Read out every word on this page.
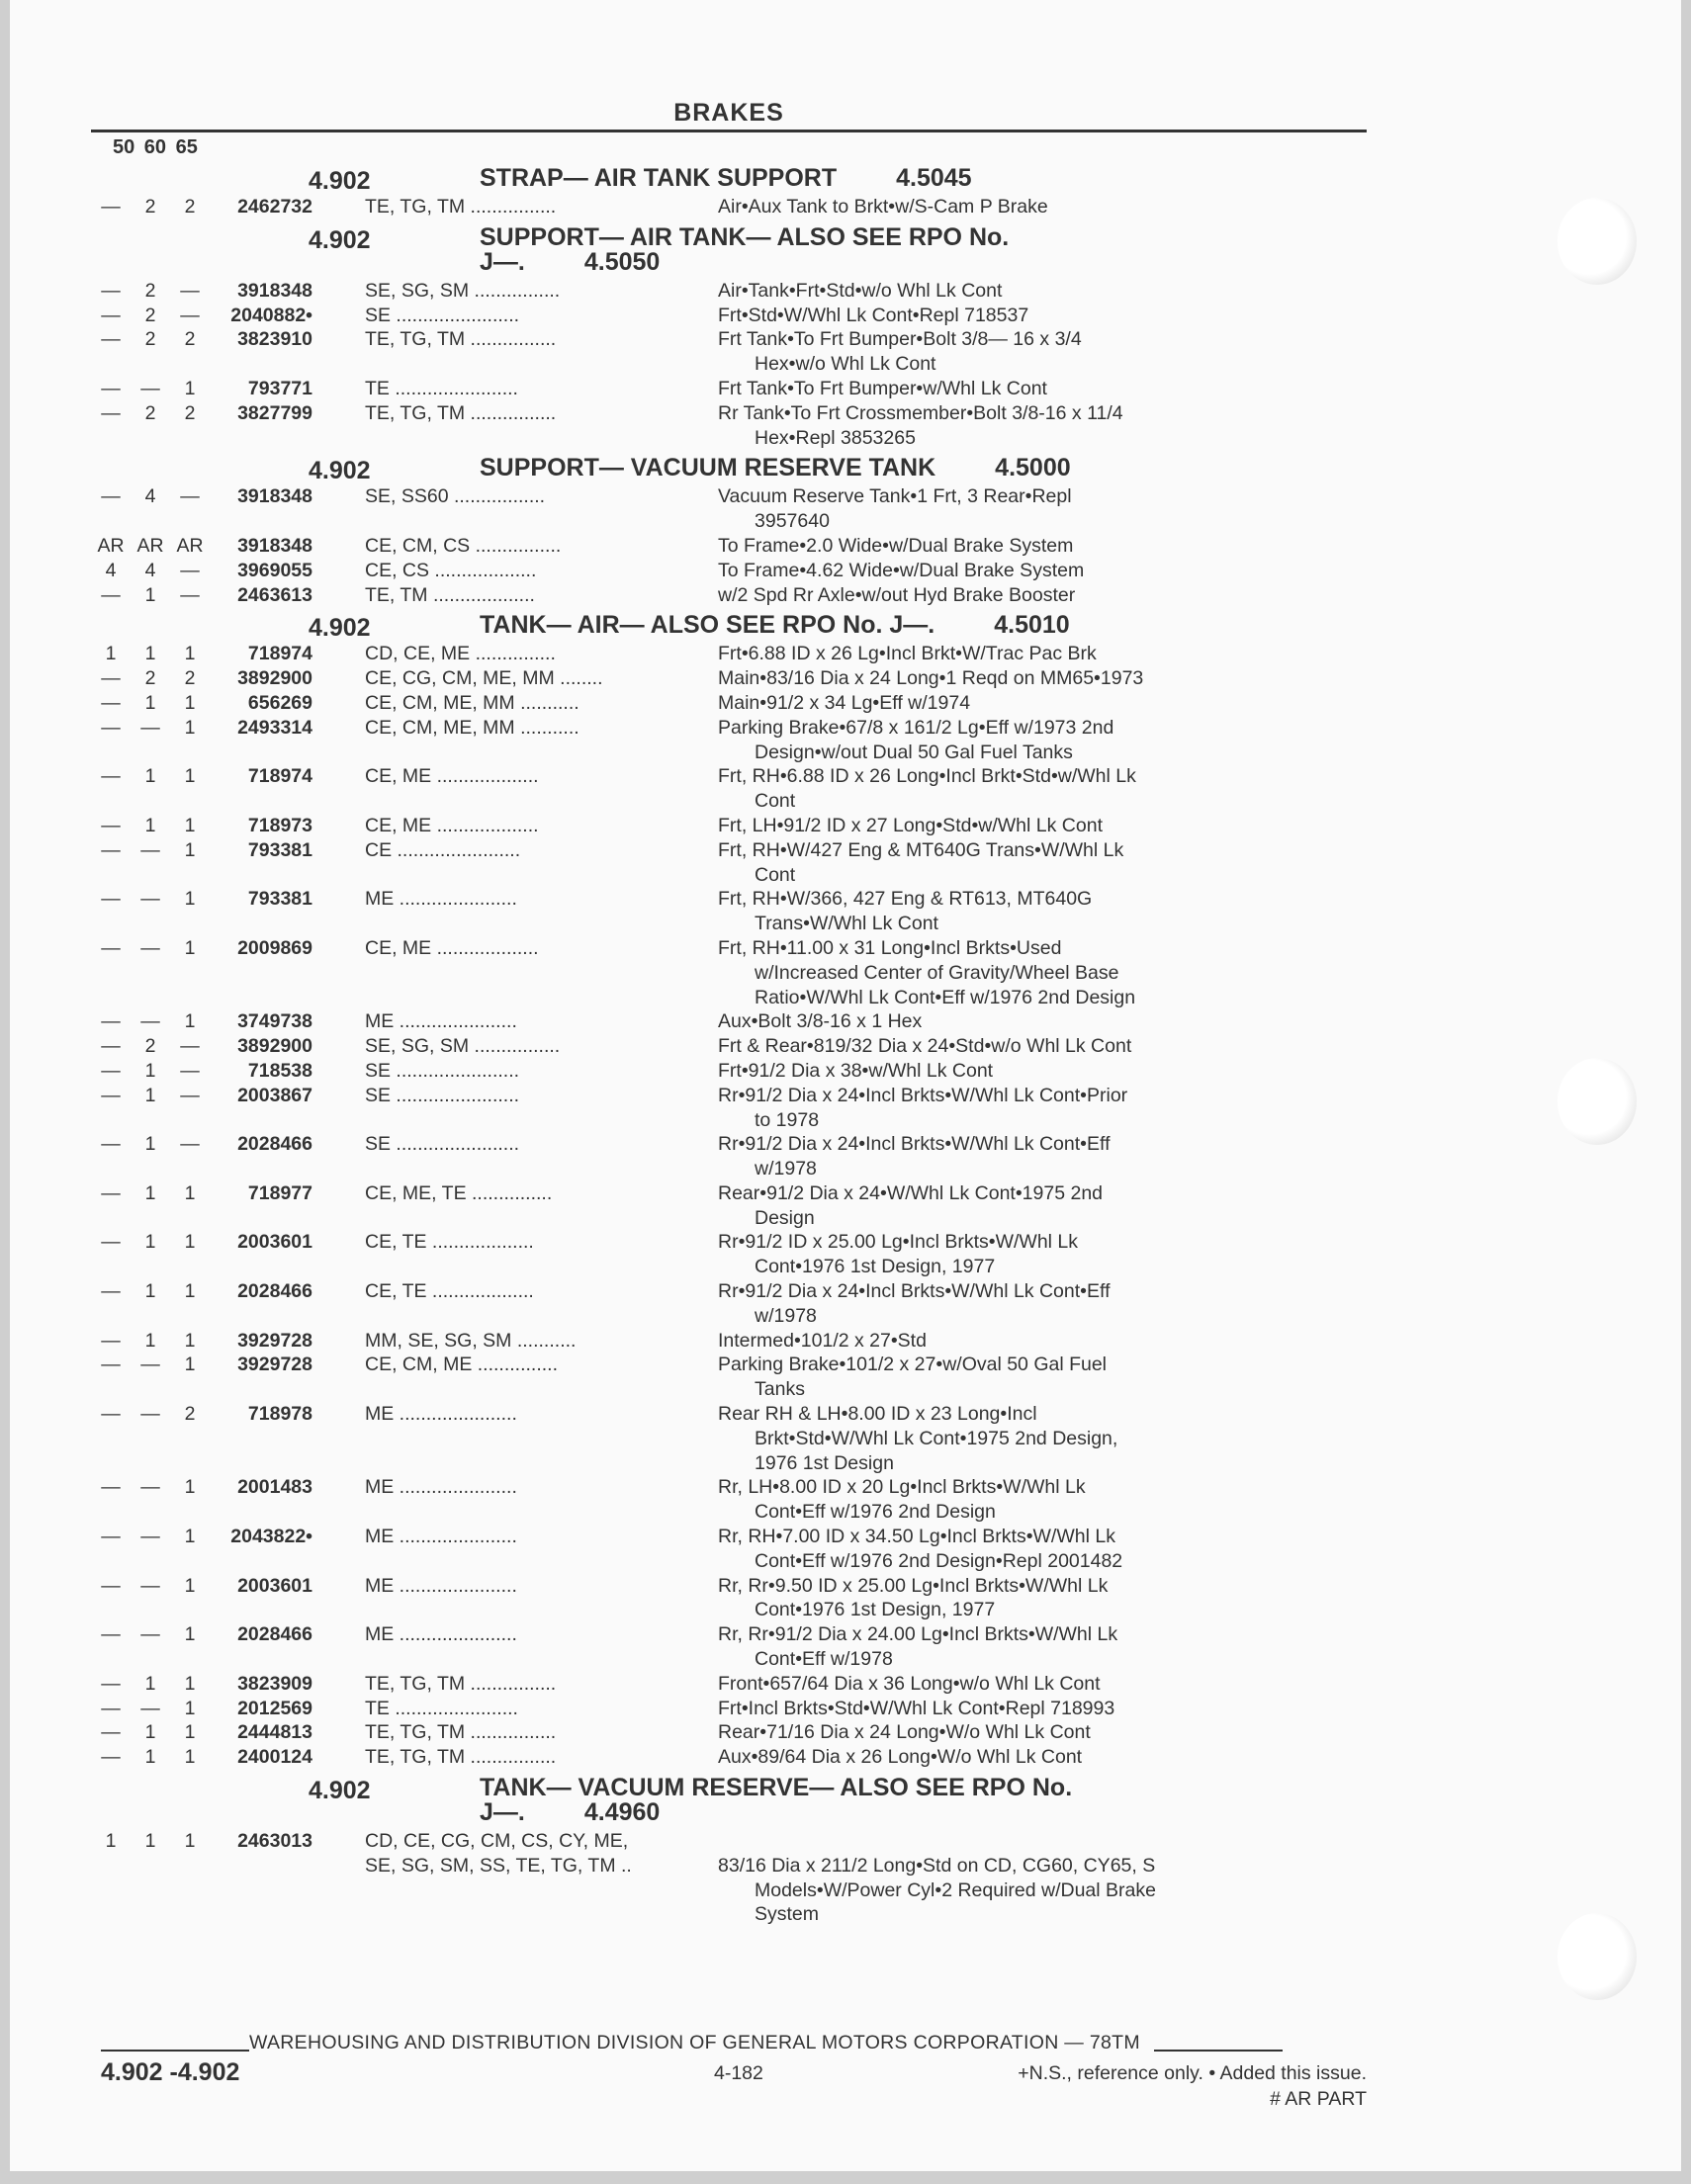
BRAKES
50 60 65
4.902	STRAP— AIR TANK SUPPORT 4.5045
—	2	2	2462732	TE, TG, TM ................	Air•Aux Tank to Brkt•w/S-Cam P Brake
4.902	SUPPORT— AIR TANK— ALSO SEE RPO No.
J—. 4.5050
—	2	—	3918348	SE, SG, SM ................	Air•Tank•Frt•Std•w/o Whl Lk Cont
—	2	—	2040882•	SE .......................	Frt•Std•W/Whl Lk Cont•Repl 718537
—	2	2	3823910	TE, TG, TM ................	Frt Tank•To Frt Bumper•Bolt 3/8— 16 x 3/4
Hex•w/o Whl Lk Cont
—	—	1	793771	TE .......................	Frt Tank•To Frt Bumper•w/Whl Lk Cont
—	2	2	3827799	TE, TG, TM ................	Rr Tank•To Frt Crossmember•Bolt 3/8-16 x 11/4
Hex•Repl 3853265
4.902	SUPPORT— VACUUM RESERVE TANK 4.5000
—	4	—	3918348	SE, SS60 .................	Vacuum Reserve Tank•1 Frt, 3 Rear•Repl
3957640
AR AR AR	3918348	CE, CM, CS ................	To Frame•2.0 Wide•w/Dual Brake System
4	4	—	3969055	CE, CS ...................	To Frame•4.62 Wide•w/Dual Brake System
—	1	—	2463613	TE, TM ...................	w/2 Spd Rr Axle•w/out Hyd Brake Booster
4.902	TANK— AIR— ALSO SEE RPO No. J—. 4.5010
1	1	1	718974	CD, CE, ME ...............	Frt•6.88 ID x 26 Lg•Incl Brkt•W/Trac Pac Brk
—	2	2	3892900	CE, CG, CM, ME, MM ........	Main•83/16 Dia x 24 Long•1 Reqd on MM65•1973
—	1	1	656269	CE, CM, ME, MM ...........	Main•91/2 x 34 Lg•Eff w/1974
—	—	1	2493314	CE, CM, ME, MM ...........	Parking Brake•67/8 x 161/2 Lg•Eff w/1973 2nd
Design•w/out Dual 50 Gal Fuel Tanks
—	1	1	718974	CE, ME ...................	Frt, RH•6.88 ID x 26 Long•Incl Brkt•Std•w/Whl Lk
Cont
—	1	1	718973	CE, ME ...................	Frt, LH•91/2 ID x 27 Long•Std•w/Whl Lk Cont
—	—	1	793381	CE .......................	Frt, RH•W/427 Eng & MT640G Trans•W/Whl Lk
Cont
—	—	1	793381	ME ......................	Frt, RH•W/366, 427 Eng & RT613, MT640G
Trans•W/Whl Lk Cont
—	—	1	2009869	CE, ME ...................	Frt, RH•11.00 x 31 Long•Incl Brkts•Used
w/Increased Center of Gravity/Wheel Base
Ratio•W/Whl Lk Cont•Eff w/1976 2nd Design
—	—	1	3749738	ME ......................	Aux•Bolt 3/8-16 x 1 Hex
—	2	—	3892900	SE, SG, SM ................	Frt & Rear•819/32 Dia x 24•Std•w/o Whl Lk Cont
—	1	—	718538	SE .......................	Frt•91/2 Dia x 38•w/Whl Lk Cont
—	1	—	2003867	SE .......................	Rr•91/2 Dia x 24•Incl Brkts•W/Whl Lk Cont•Prior
to 1978
—	1	—	2028466	SE .......................	Rr•91/2 Dia x 24•Incl Brkts•W/Whl Lk Cont•Eff
w/1978
—	1	1	718977	CE, ME, TE ...............	Rear•91/2 Dia x 24•W/Whl Lk Cont•1975 2nd
Design
—	1	1	2003601	CE, TE ...................	Rr•91/2 ID x 25.00 Lg•Incl Brkts•W/Whl Lk
Cont•1976 1st Design, 1977
—	1	1	2028466	CE, TE ...................	Rr•91/2 Dia x 24•Incl Brkts•W/Whl Lk Cont•Eff
w/1978
—	1	1	3929728	MM, SE, SG, SM ...........	Intermed•101/2 x 27•Std
—	—	1	3929728	CE, CM, ME ...............	Parking Brake•101/2 x 27•w/Oval 50 Gal Fuel
Tanks
—	—	2	718978	ME ......................	Rear RH & LH•8.00 ID x 23 Long•Incl
Brkt•Std•W/Whl Lk Cont•1975 2nd Design,
1976 1st Design
—	—	1	2001483	ME ......................	Rr, LH•8.00 ID x 20 Lg•Incl Brkts•W/Whl Lk
Cont•Eff w/1976 2nd Design
—	—	1	2043822•	ME ......................	Rr, RH•7.00 ID x 34.50 Lg•Incl Brkts•W/Whl Lk
Cont•Eff w/1976 2nd Design•Repl 2001482
—	—	1	2003601	ME ......................	Rr, Rr•9.50 ID x 25.00 Lg•Incl Brkts•W/Whl Lk
Cont•1976 1st Design, 1977
—	—	1	2028466	ME ......................	Rr, Rr•91/2 Dia x 24.00 Lg•Incl Brkts•W/Whl Lk
Cont•Eff w/1978
—	1	1	3823909	TE, TG, TM ................	Front•657/64 Dia x 36 Long•w/o Whl Lk Cont
—	—	1	2012569	TE .......................	Frt•Incl Brkts•Std•W/Whl Lk Cont•Repl 718993
—	1	1	2444813	TE, TG, TM ................	Rear•71/16 Dia x 24 Long•W/o Whl Lk Cont
—	1	1	2400124	TE, TG, TM ................	Aux•89/64 Dia x 26 Long•W/o Whl Lk Cont
4.902	TANK— VACUUM RESERVE— ALSO SEE RPO No.
J—. 4.4960
1	1	1	2463013	CD, CE, CG, CM, CS, CY, ME,
SE, SG, SM, SS, TE, TG, TM ..	83/16 Dia x 211/2 Long•Std on CD, CG60, CY65, S
Models•W/Power Cyl•2 Required w/Dual Brake
System
WAREHOUSING AND DISTRIBUTION DIVISION OF GENERAL MOTORS CORPORATION — 78TM
4.902 -4.902	4-182	+N.S., reference only. • Added this issue.
# AR PART
